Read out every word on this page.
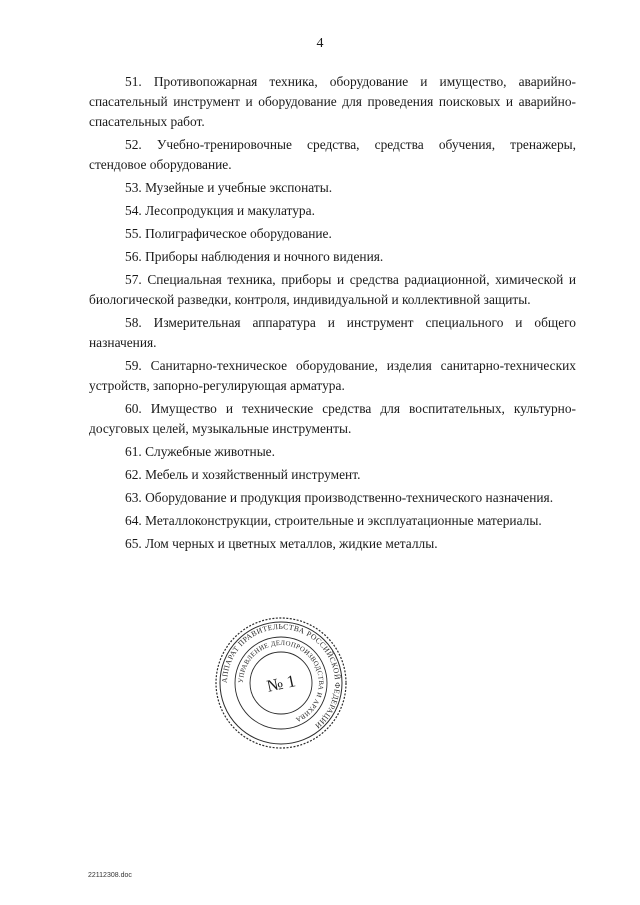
4

51. Противопожарная техника, оборудование и имущество, аварийно-спасательный инструмент и оборудование для проведения поисковых и аварийно-спасательных работ.

52. Учебно-тренировочные средства, средства обучения, тренажеры, стендовое оборудование.

53. Музейные и учебные экспонаты.

54. Лесопродукция и макулатура.

55. Полиграфическое оборудование.

56. Приборы наблюдения и ночного видения.

57. Специальная техника, приборы и средства радиационной, химической и биологической разведки, контроля, индивидуальной и коллективной защиты.

58. Измерительная аппаратура и инструмент специального и общего назначения.

59. Санитарно-техническое оборудование, изделия санитарно-технических устройств, запорно-регулирующая арматура.

60. Имущество и технические средства для воспитательных, культурно-досуговых целей, музыкальные инструменты.

61. Служебные животные.

62. Мебель и хозяйственный инструмент.

63. Оборудование и продукция производственно-технического назначения.

64. Металлоконструкции, строительные и эксплуатационные материалы.

65. Лом черных и цветных металлов, жидкие металлы.

АППАРАТ ПРАВИТЕЛЬСТВА РОССИЙСКОЙ ФЕДЕРАЦИИ
УПРАВЛЕНИЕ ДЕЛОПРОИЗВОДСТВА И АРХИВА
№ 1
22112308.doc
